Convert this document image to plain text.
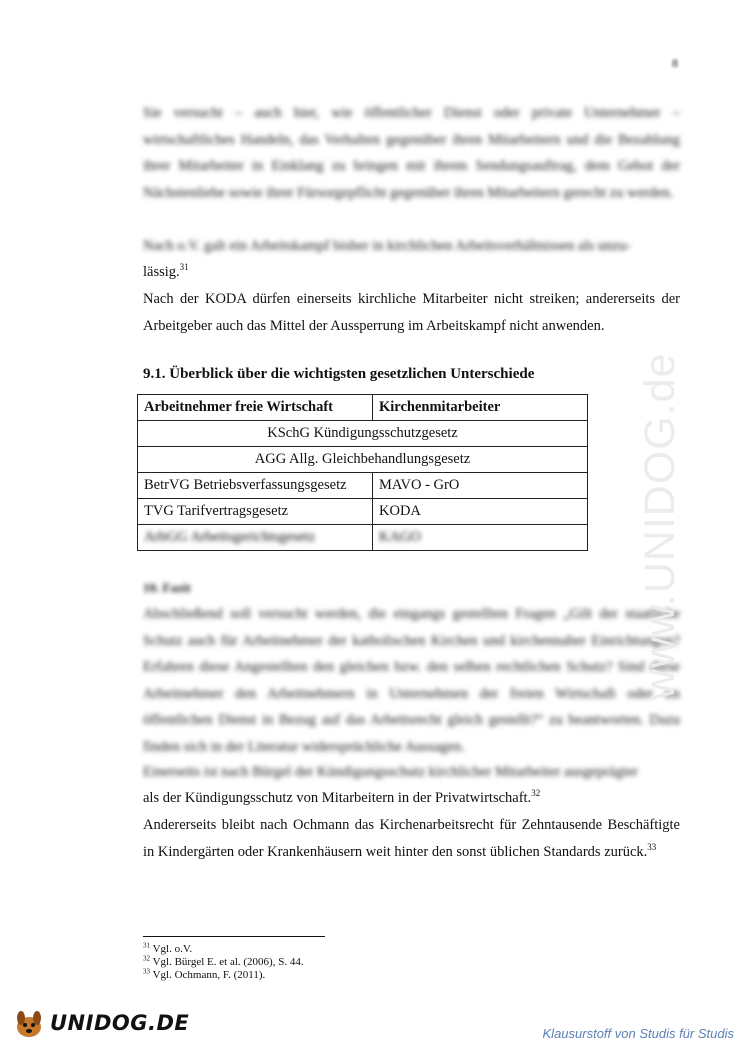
8

Sie versucht – auch hier, wie öffentlicher Dienst oder private Unternehmer – wirtschaftliches Handeln, das Verhalten gegenüber ihren Mitarbeitern und die Bezahlung ihrer Mitarbeiter in Einklang zu bringen mit ihrem Sendungsauftrag, dem Gebot der Nächstenliebe sowie ihrer Fürsorgepflicht gegenüber ihren Mitarbeitern gerecht zu werden.

Nach o.V. galt ein Arbeitskampf bisher in kirchlichen Arbeitsverhältnissen als unzu-

lässig.$^{31}$

Nach der KODA dürfen einerseits kirchliche Mitarbeiter nicht streiken; andererseits der Arbeitgeber auch das Mittel der Aussperrung im Arbeitskampf nicht anwenden.

9.1. Überblick über die wichtigsten gesetzlichen Unterschiede
Arbeitnehmer freie Wirtschaft	Kirchenmitarbeiter
KSchG Kündigungsschutzgesetz	
AGG Allg. Gleichbehandlungsgesetz	
BetrVG Betriebsverfassungsgesetz	MAVO - GrO
TVG Tarifvertragsgesetz	KODA
ArbGG Arbeitsgerichtsgesetz	KAGO
10. Fazit

Abschließend soll versucht werden, die eingangs gestellten Fragen „Gilt der staatliche Schutz auch für Arbeitnehmer der katholischen Kirchen und kirchennaher Einrichtungen? Erfahren diese Angestellten den gleichen bzw. den selben rechtlichen Schutz? Sind diese Arbeitnehmer den Arbeitnehmern in Unternehmen der freien Wirtschaft oder im öffentlichen Dienst in Bezug auf das Arbeitsrecht gleich gestellt?“ zu beantworten. Dazu finden sich in der Literatur widersprüchliche Aussagen.

Einerseits ist nach Bürgel der Kündigungsschutz kirchlicher Mitarbeiter ausgeprägter

als der Kündigungsschutz von Mitarbeitern in der Privatwirtschaft.$^{32}$

Andererseits bleibt nach Ochmann das Kirchenarbeitsrecht für Zehntausende Beschäftigte in Kindergärten oder Krankenhäusern weit hinter den sonst üblichen Standards zurück.$^{33}$

$^{31}$ Vgl. o.V.
$^{32}$ Vgl. Bürgel E. et al. (2006), S. 44.
$^{33}$ Vgl. Ochmann, F. (2011).
www.UNIDOG.de
UNIDOG.DE	Klausurstoff von Studis für Studis
